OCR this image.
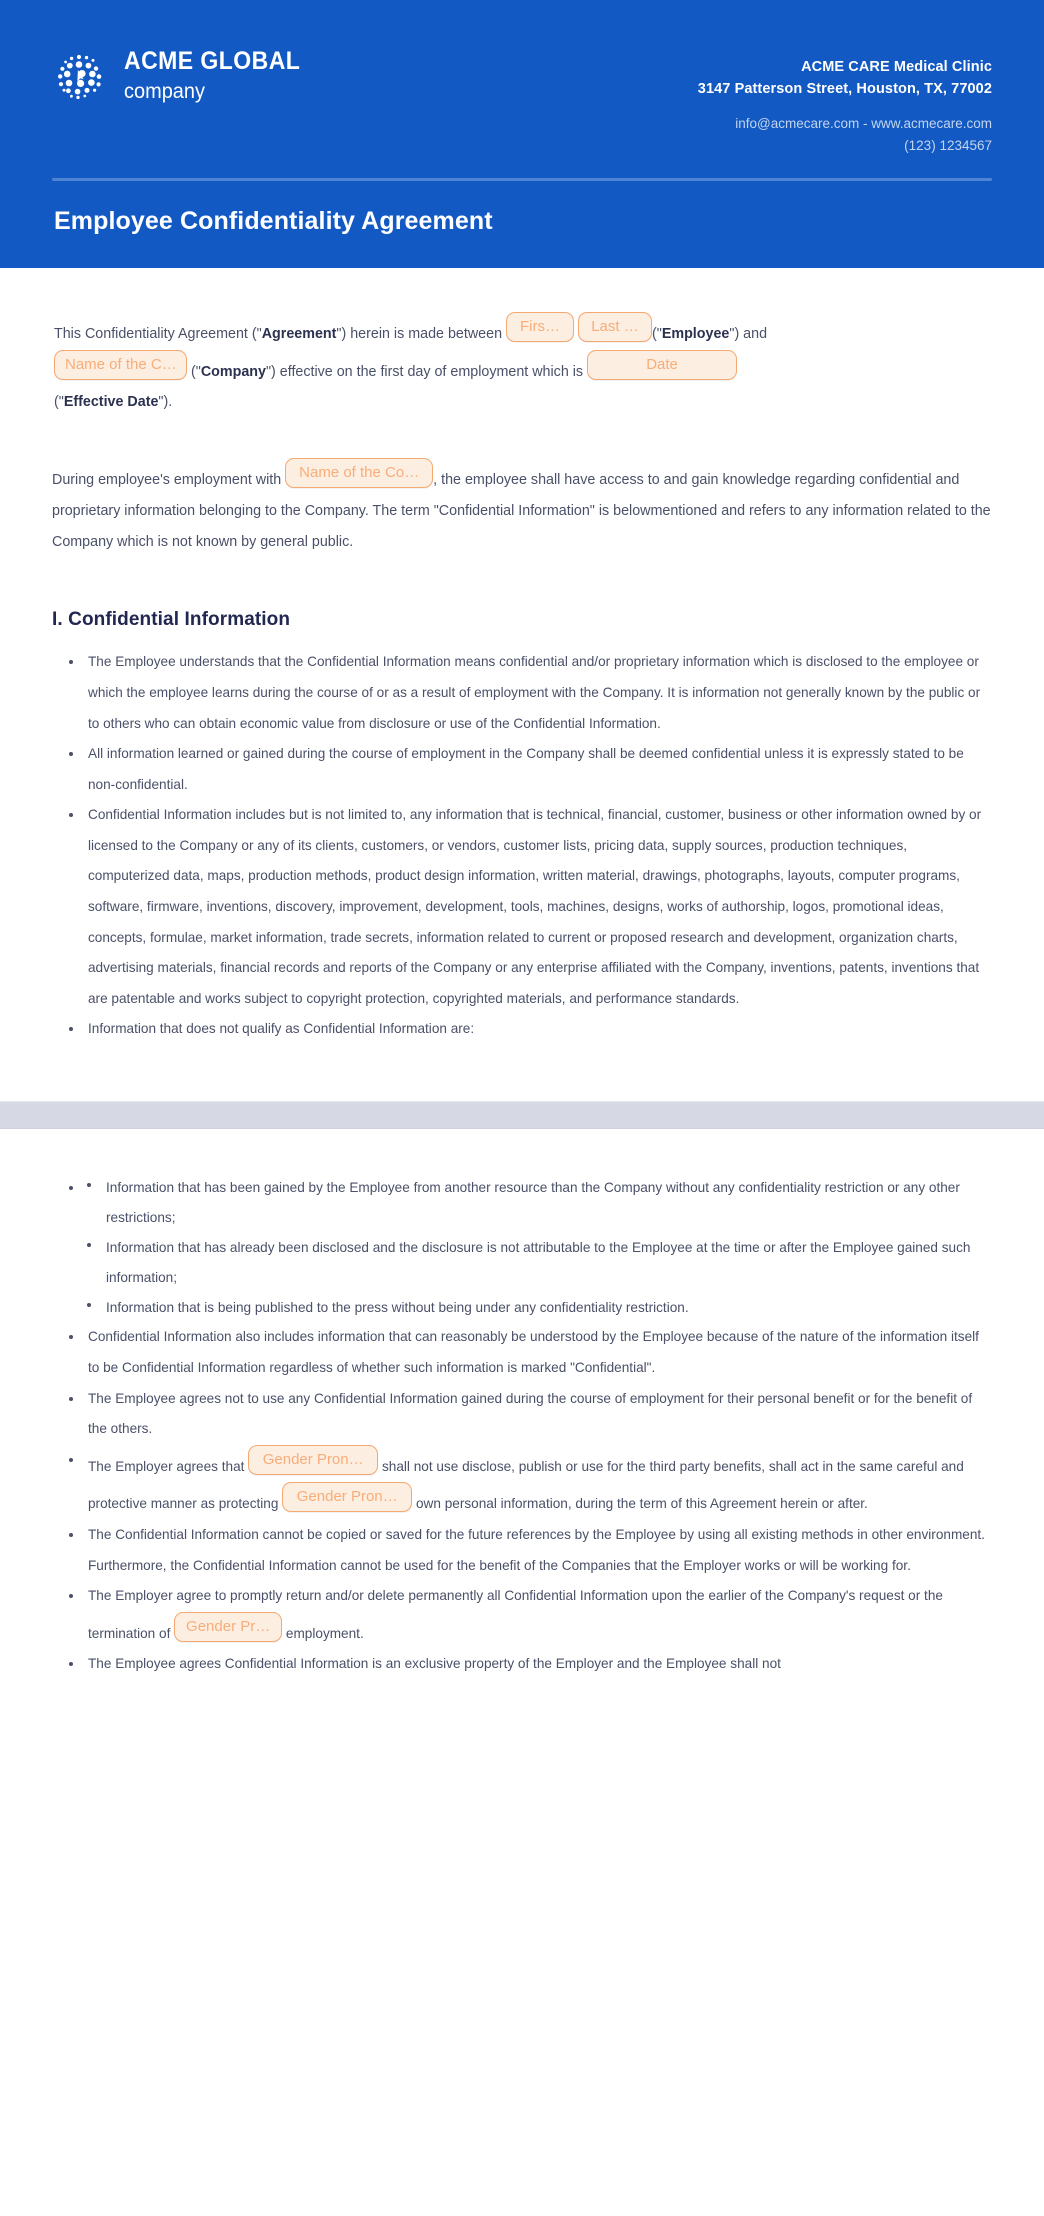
ACME GLOBAL
company
ACME CARE Medical Clinic
3147 Patterson Street, Houston, TX, 77002
info@acmecare.com - www.acmecare.com
(123) 1234567
Employee Confidentiality Agreement

This Confidentiality Agreement ("Agreement") herein is made between Firs… Last … ("Employee") and
Name of the C… ("Company") effective on the first day of employment which is	Date
("Effective Date").

During employee's employment with Name of the Co… , the employee shall have access to and gain knowledge regarding confidential and proprietary information belonging to the Company. The term "Confidential Information" is belowmentioned and refers to any information related to the Company which is not known by general public.

I. Confidential Information
The Employee understands that the Confidential Information means confidential and/or proprietary information which is disclosed to the employee or which the employee learns during the course of or as a result of employment with the Company. It is information not generally known by the public or to others who can obtain economic value from disclosure or use of the Confidential Information.
All information learned or gained during the course of employment in the Company shall be deemed confidential unless it is expressly stated to be non-confidential.
Confidential Information includes but is not limited to, any information that is technical, financial, customer, business or other information owned by or licensed to the Company or any of its clients, customers, or vendors, customer lists, pricing data, supply sources, production techniques, computerized data, maps, production methods, product design information, written material, drawings, photographs, layouts, computer programs, software, firmware, inventions, discovery, improvement, development, tools, machines, designs, works of authorship, logos, promotional ideas, concepts, formulae, market information, trade secrets, information related to current or proposed research and development, organization charts, advertising materials, financial records and reports of the Company or any enterprise affiliated with the Company, inventions, patents, inventions that are patentable and works subject to copyright protection, copyrighted materials, and performance standards.
Information that does not qualify as Confidential Information are:
Information that has been gained by the Employee from another resource than the Company without any confidentiality restriction or any other restrictions;
Information that has already been disclosed and the disclosure is not attributable to the Employee at the time or after the Employee gained such information;
Information that is being published to the press without being under any confidentiality restriction.
Confidential Information also includes information that can reasonably be understood by the Employee because of the nature of the information itself to be Confidential Information regardless of whether such information is marked "Confidential".
The Employee agrees not to use any Confidential Information gained during the course of employment for their personal benefit or for the benefit of the others.
The Employer agrees that Gender Pron… shall not use disclose, publish or use for the third party benefits, shall act in the same careful and protective manner as protecting Gender Pron… own personal information, during the term of this Agreement herein or after.
The Confidential Information cannot be copied or saved for the future references by the Employee by using all existing methods in other environment. Furthermore, the Confidential Information cannot be used for the benefit of the Companies that the Employer works or will be working for.
The Employer agree to promptly return and/or delete permanently all Confidential Information upon the earlier of the Company's request or the termination of Gender Pr… employment.
The Employee agrees Confidential Information is an exclusive property of the Employer and the Employee shall not
